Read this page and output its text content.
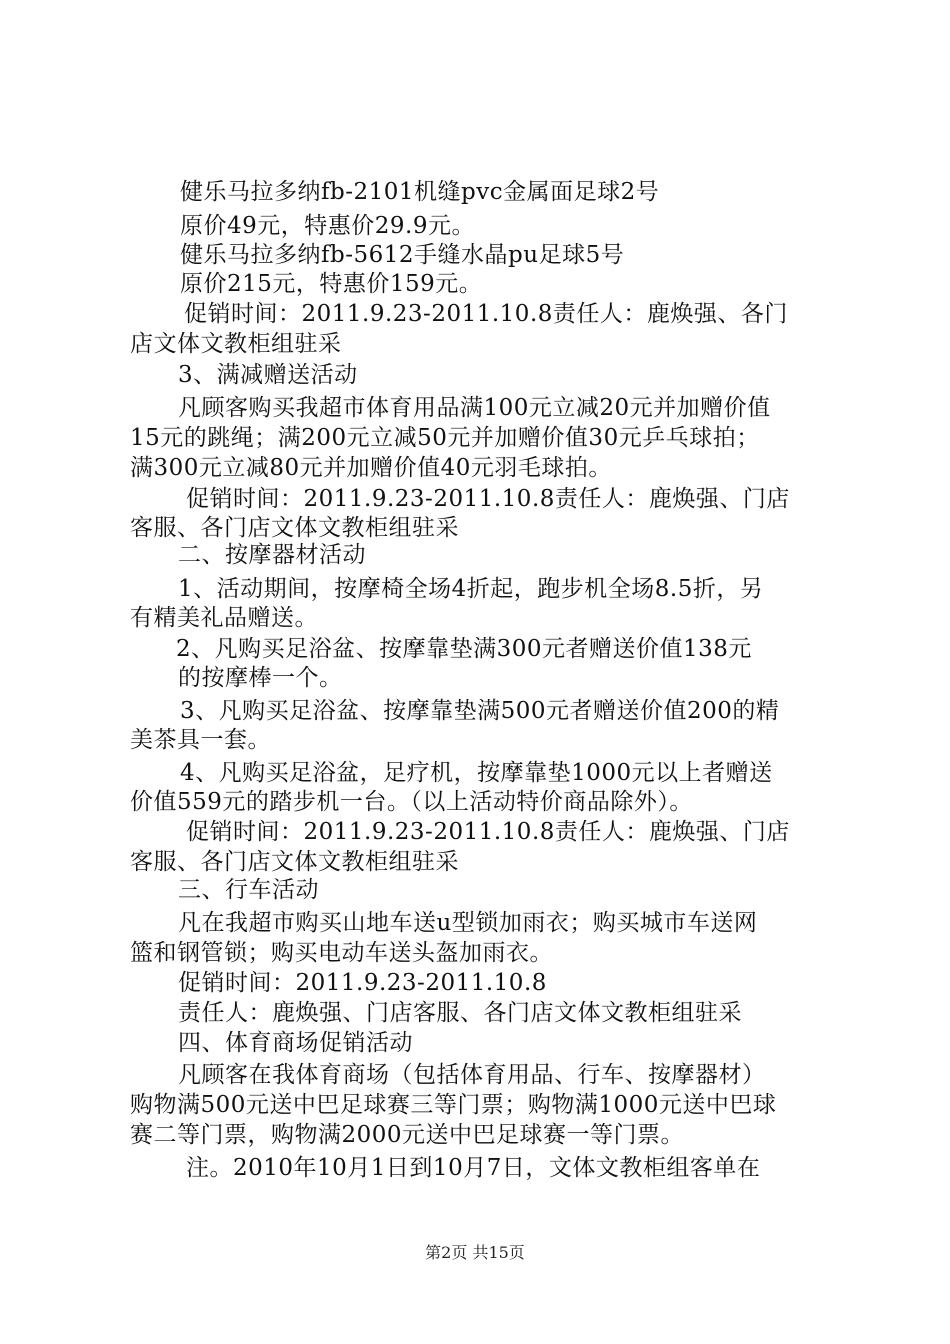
健乐马拉多纳fb-2101机缝pvc金属面足球2号
原价49元，特惠价29.9元。
健乐马拉多纳fb-5612手缝水晶pu足球5号
原价215元，特惠价159元。
促销时间：2011.9.23-2011.10.8责任人：鹿焕强、各门
店文体文教柜组驻采
3、满减赠送活动
凡顾客购买我超市体育用品满100元立减20元并加赠价值
15元的跳绳；满200元立减50元并加赠价值30元乒乓球拍；
满300元立减80元并加赠价值40元羽毛球拍。
促销时间：2011.9.23-2011.10.8责任人：鹿焕强、门店
客服、各门店文体文教柜组驻采
二、按摩器材活动
1、活动期间，按摩椅全场4折起，跑步机全场8.5折，另
有精美礼品赠送。
2、凡购买足浴盆、按摩靠垫满300元者赠送价值138元
的按摩棒一个。
3、凡购买足浴盆、按摩靠垫满500元者赠送价值200的精
美茶具一套。
4、凡购买足浴盆，足疗机，按摩靠垫1000元以上者赠送
价值559元的踏步机一台。（以上活动特价商品除外）。
促销时间：2011.9.23-2011.10.8责任人：鹿焕强、门店
客服、各门店文体文教柜组驻采
三、行车活动
凡在我超市购买山地车送u型锁加雨衣；购买城市车送网
篮和钢管锁；购买电动车送头盔加雨衣。
促销时间：2011.9.23-2011.10.8
责任人：鹿焕强、门店客服、各门店文体文教柜组驻采
四、体育商场促销活动
凡顾客在我体育商场（包括体育用品、行车、按摩器材）
购物满500元送中巴足球赛三等门票；购物满1000元送中巴球
赛二等门票，购物满2000元送中巴足球赛一等门票。
注。2010年10月1日到10月7日，文体文教柜组客单在
第2页 共15页
